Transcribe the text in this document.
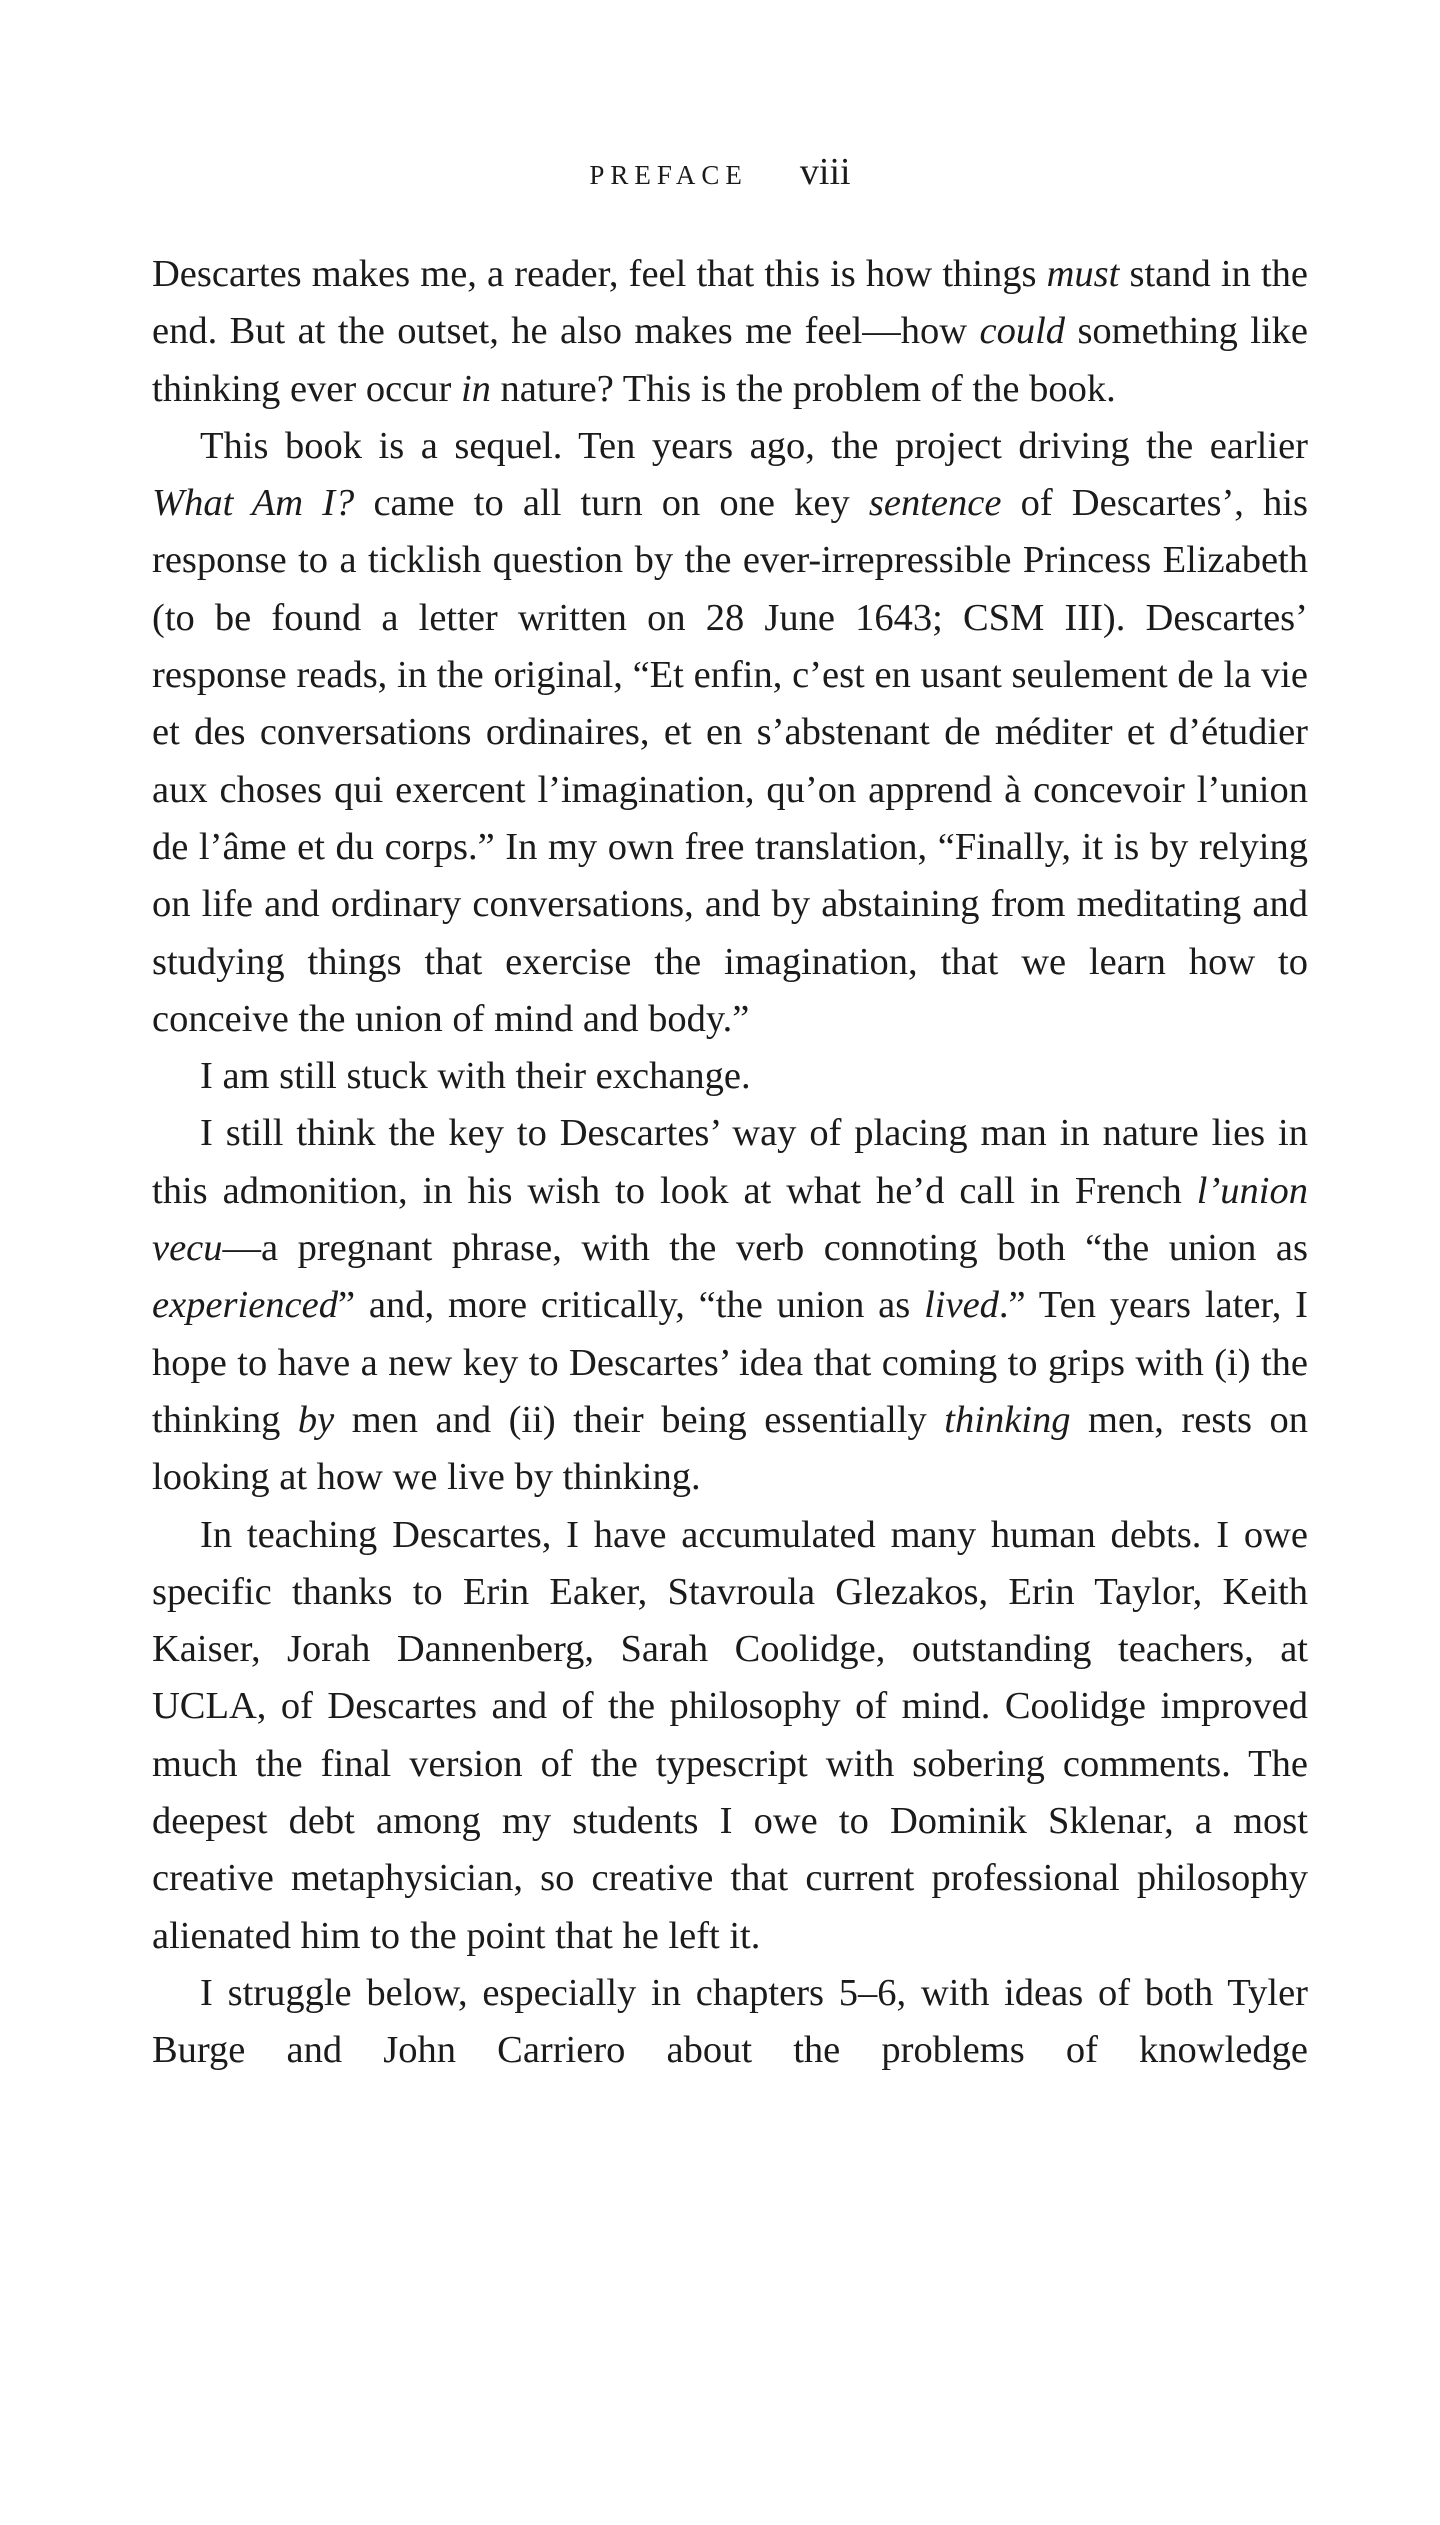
PREFACE viii

Descartes makes me, a reader, feel that this is how things must stand in the end. But at the outset, he also makes me feel—how could something like thinking ever occur in nature? This is the problem of the book.

This book is a sequel. Ten years ago, the project driving the earlier What Am I? came to all turn on one key sentence of Descartes’, his response to a ticklish question by the ever-irrepressible Princess Elizabeth (to be found a letter written on 28 June 1643; CSM III). Descartes’ response reads, in the original, “Et enfin, c’est en usant seulement de la vie et des conversations ordinaires, et en s’abstenant de méditer et d’étudier aux choses qui exercent l’imagination, qu’on apprend à concevoir l’union de l’âme et du corps.” In my own free translation, “Finally, it is by relying on life and ordinary conversations, and by abstaining from meditating and studying things that exercise the imagination, that we learn how to conceive the union of mind and body.”

I am still stuck with their exchange.

I still think the key to Descartes’ way of placing man in nature lies in this admonition, in his wish to look at what he’d call in French l’union vecu—a pregnant phrase, with the verb connoting both “the union as experienced” and, more critically, “the union as lived.” Ten years later, I hope to have a new key to Descartes’ idea that coming to grips with (i) the thinking by men and (ii) their being essentially thinking men, rests on looking at how we live by thinking.

In teaching Descartes, I have accumulated many human debts. I owe specific thanks to Erin Eaker, Stavroula Glezakos, Erin Taylor, Keith Kaiser, Jorah Dannenberg, Sarah Coolidge, outstanding teachers, at UCLA, of Descartes and of the philosophy of mind. Coolidge improved much the final version of the typescript with sobering comments. The deepest debt among my students I owe to Dominik Sklenar, a most creative metaphysician, so creative that current professional philosophy alienated him to the point that he left it.

I struggle below, especially in chapters 5–6, with ideas of both Tyler Burge and John Carriero about the problems of knowledge
